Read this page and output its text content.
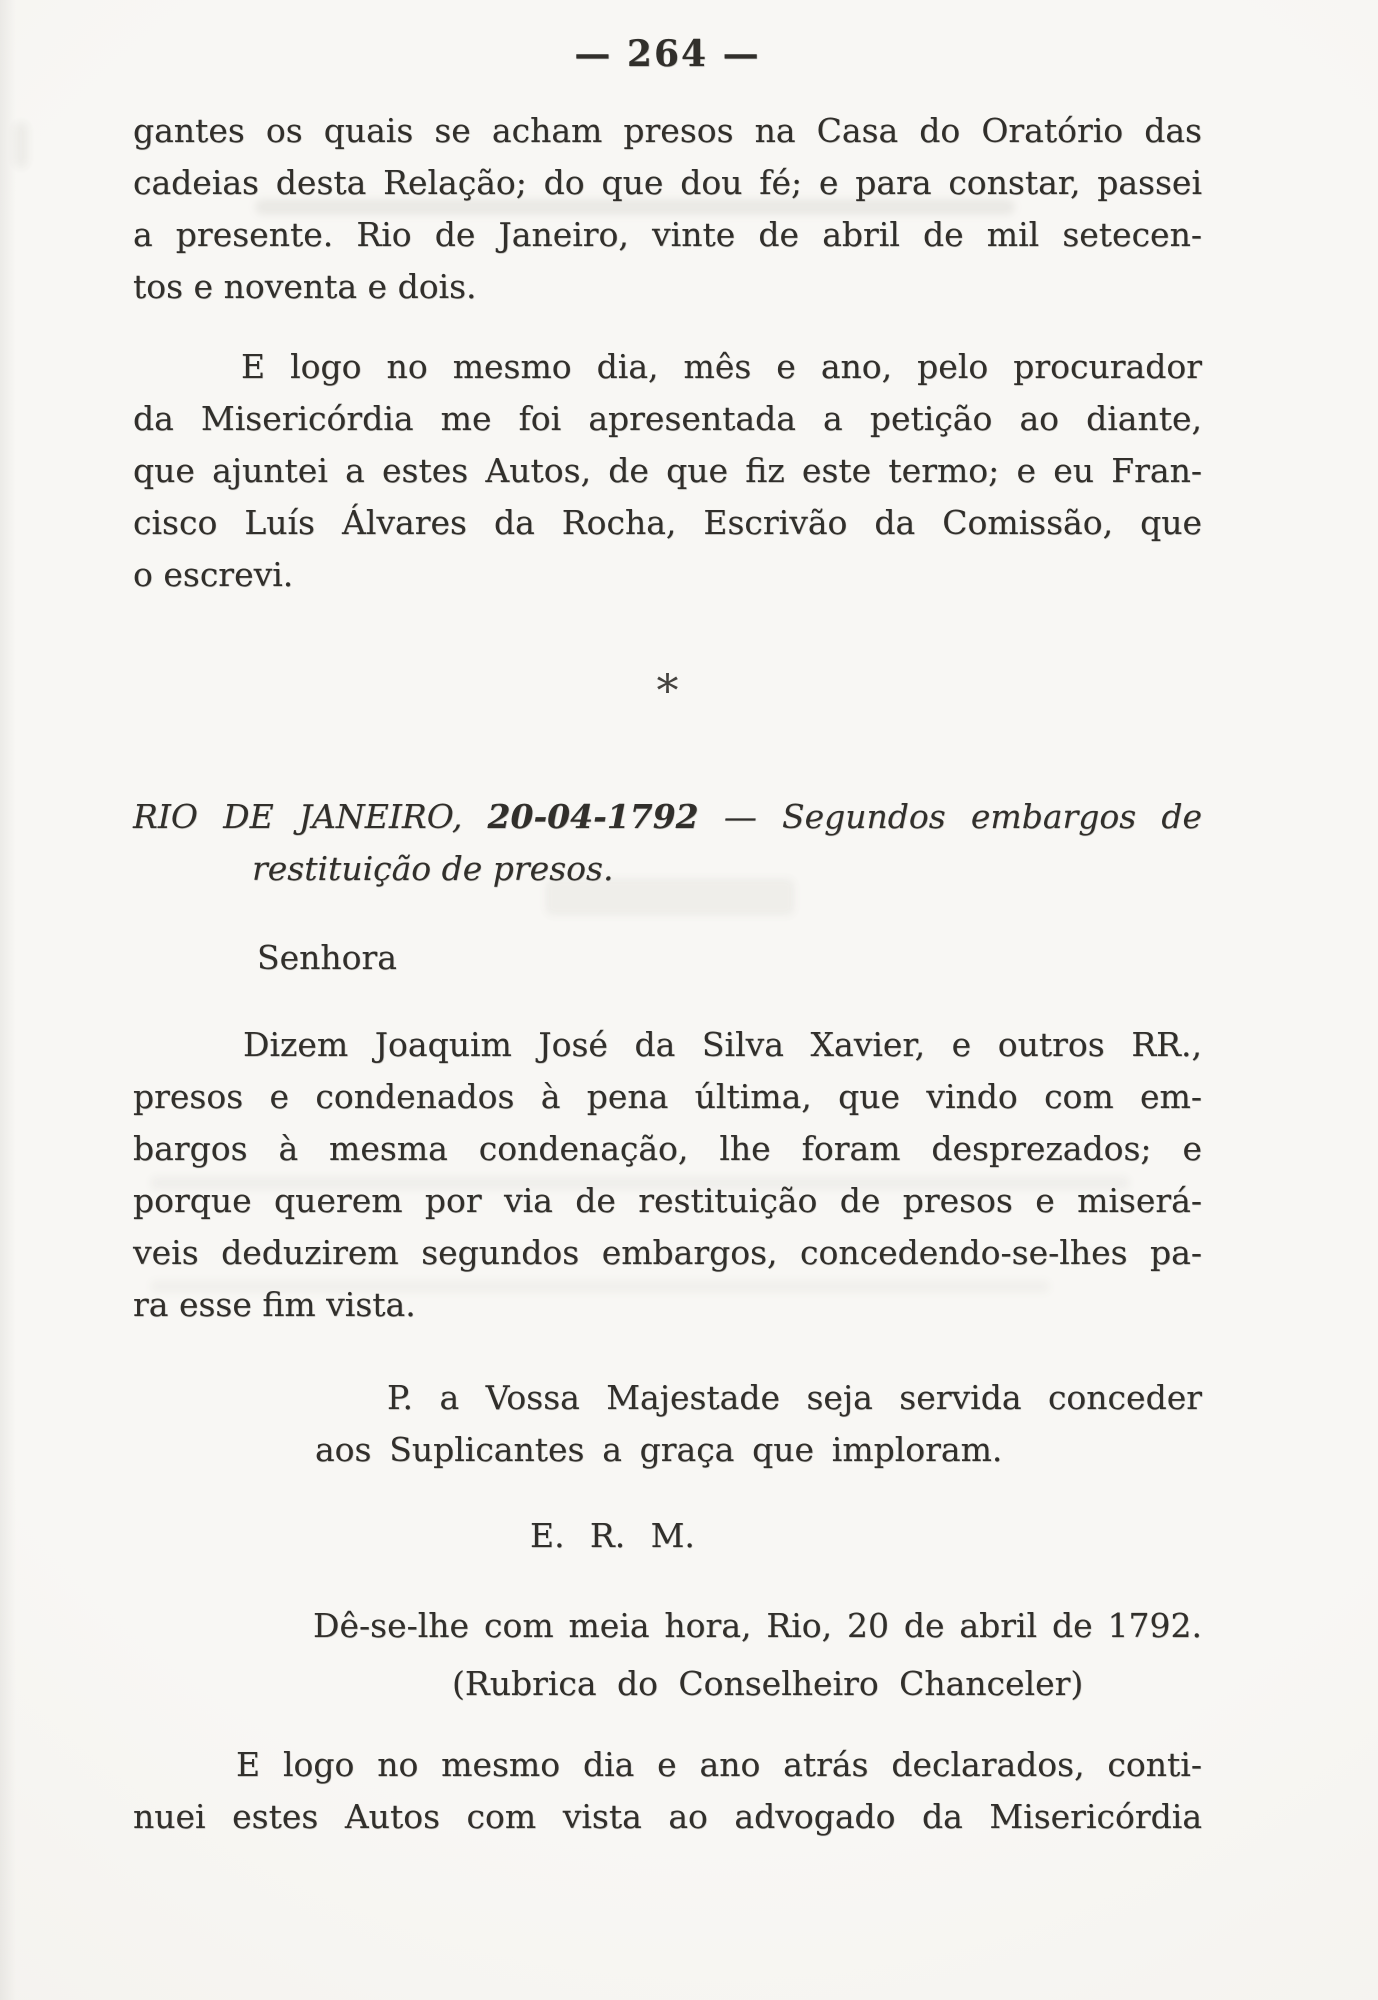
— 264 —
gantes os quais se acham presos na Casa do Oratório das
cadeias desta Relação; do que dou fé; e para constar, passei
a presente. Rio de Janeiro, vinte de abril de mil setecen-
tos e noventa e dois.
E logo no mesmo dia, mês e ano, pelo procurador
da Misericórdia me foi apresentada a petição ao diante,
que ajuntei a estes Autos, de que fiz este termo; e eu Fran-
cisco Luís Álvares da Rocha, Escrivão da Comissão, que
o escrevi.
*
RIO DE JANEIRO, 20-04-1792 — Segundos embargos de
restituição de presos.
Senhora
Dizem Joaquim José da Silva Xavier, e outros RR.,
presos e condenados à pena última, que vindo com em-
bargos à mesma condenação, lhe foram desprezados; e
porque querem por via de restituição de presos e miserá-
veis deduzirem segundos embargos, concedendo-se-lhes pa-
ra esse fim vista.
P. a Vossa Majestade seja servida conceder
aos Suplicantes a graça que imploram.
E. R. M.
Dê-se-lhe com meia hora, Rio, 20 de abril de 1792.
(Rubrica do Conselheiro Chanceler)
E logo no mesmo dia e ano atrás declarados, conti-
nuei estes Autos com vista ao advogado da Misericórdia
